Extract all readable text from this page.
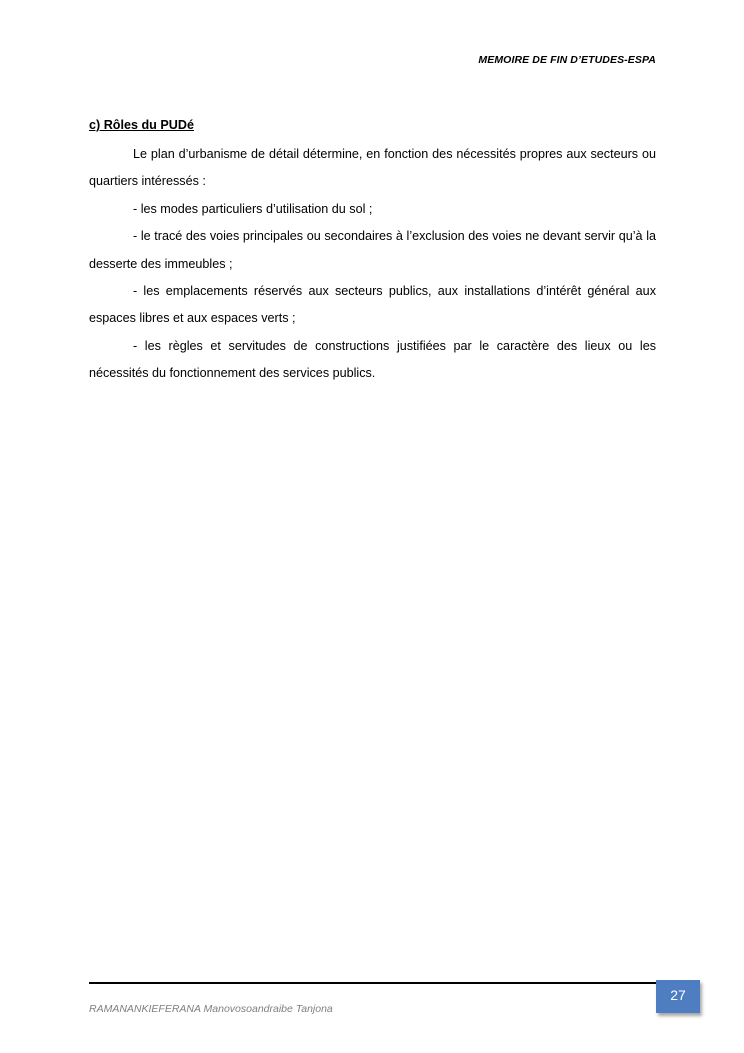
MEMOIRE DE FIN D’ETUDES-ESPA
c) Rôles du PUDé

Le plan d’urbanisme de détail détermine, en fonction des nécessités propres aux secteurs ou quartiers intéressés :

- les modes particuliers d’utilisation du sol ;

- le tracé des voies principales ou secondaires à l’exclusion des voies ne devant servir qu’à la desserte des immeubles ;

- les emplacements réservés aux secteurs publics, aux installations d’intérêt général aux espaces libres et aux espaces verts ;

- les règles et servitudes de constructions justifiées par le caractère des lieux ou les nécessités du fonctionnement des services publics.

27
RAMANANKIEFERANA Manovosoandraibe Tanjona
